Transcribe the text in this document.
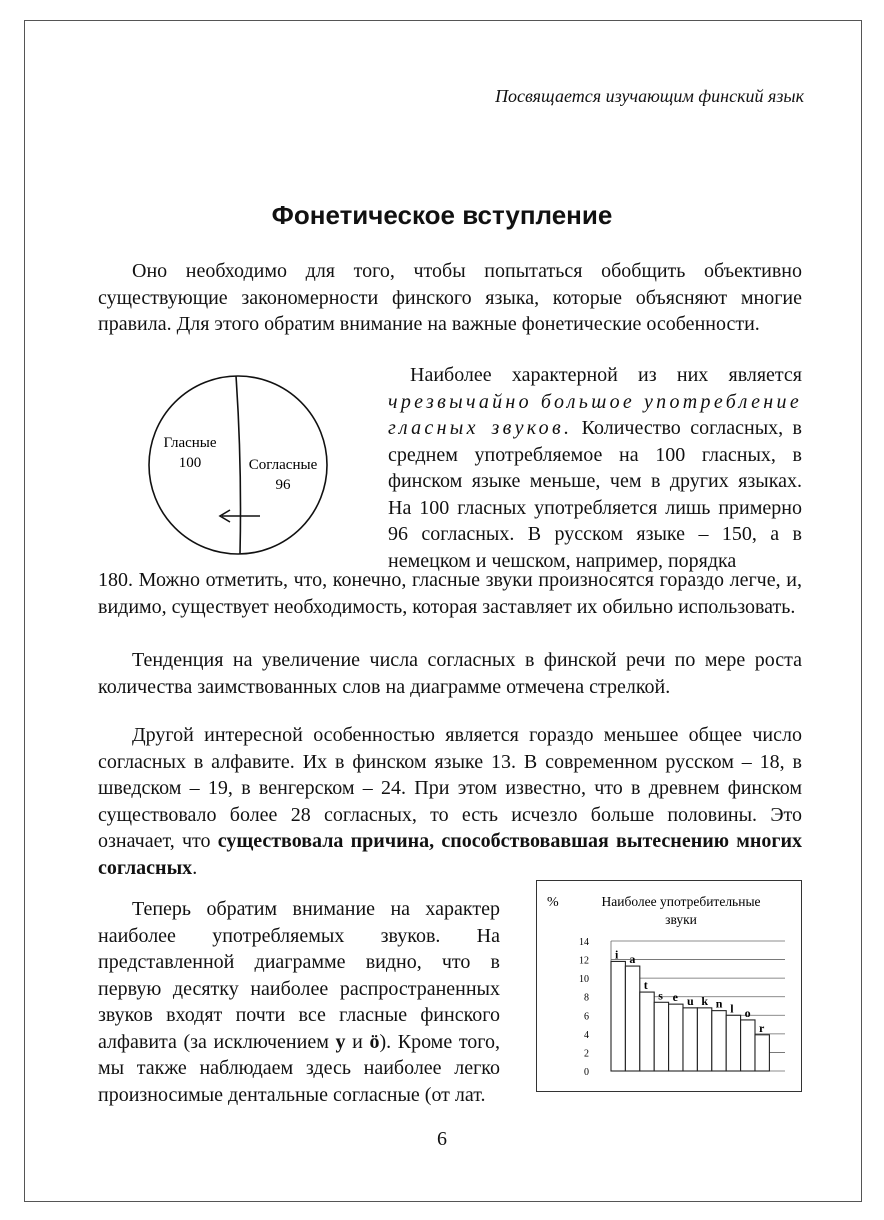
Посвящается изучающим финский язык
Фонетическое вступление

Оно необходимо для того, чтобы попытаться обобщить объективно существующие закономерности финского языка, которые объясняют многие правила. Для этого обратим внимание на важные фонетические особенности.

Гласные
100	Согласные
96

Наиболее характерной из них является чрезвычайно большое употребление гласных звуков. Количество согласных, в среднем употребляемое на 100 гласных, в финском языке меньше, чем в других языках. На 100 гласных употребляется лишь примерно 96 согласных. В русском языке – 150, а в немецком и чешском, например, порядка

180. Можно отметить, что, конечно, гласные звуки произносятся гораздо легче, и, видимо, существует необходимость, которая заставляет их обильно использовать.

Тенденция на увеличение числа согласных в финской речи по мере роста количества заимствованных слов на диаграмме отмечена стрелкой.

Другой интересной особенностью является гораздо меньшее общее число согласных в алфавите. Их в финском языке 13. В современном русском – 18, в шведском – 19, в венгерском – 24. При этом известно, что в древнем финском существовало более 28 согласных, то есть исчезло больше половины. Это означает, что существовала причина, способствовавшая вытеснению многих согласных.

Теперь обратим внимание на характер наиболее употребляемых звуков. На представленной диаграмме видно, что в первую десятку наиболее распространенных звуков входят почти все гласные финского алфавита (за исключением y и ö). Кроме того, мы также наблюдаем здесь наиболее легко произносимые дентальные согласные (от лат.

%	Наиболее употребительные
звуки
0
2
4
6
8
10
12
14
i a
t
s e u k n l o
r
6
